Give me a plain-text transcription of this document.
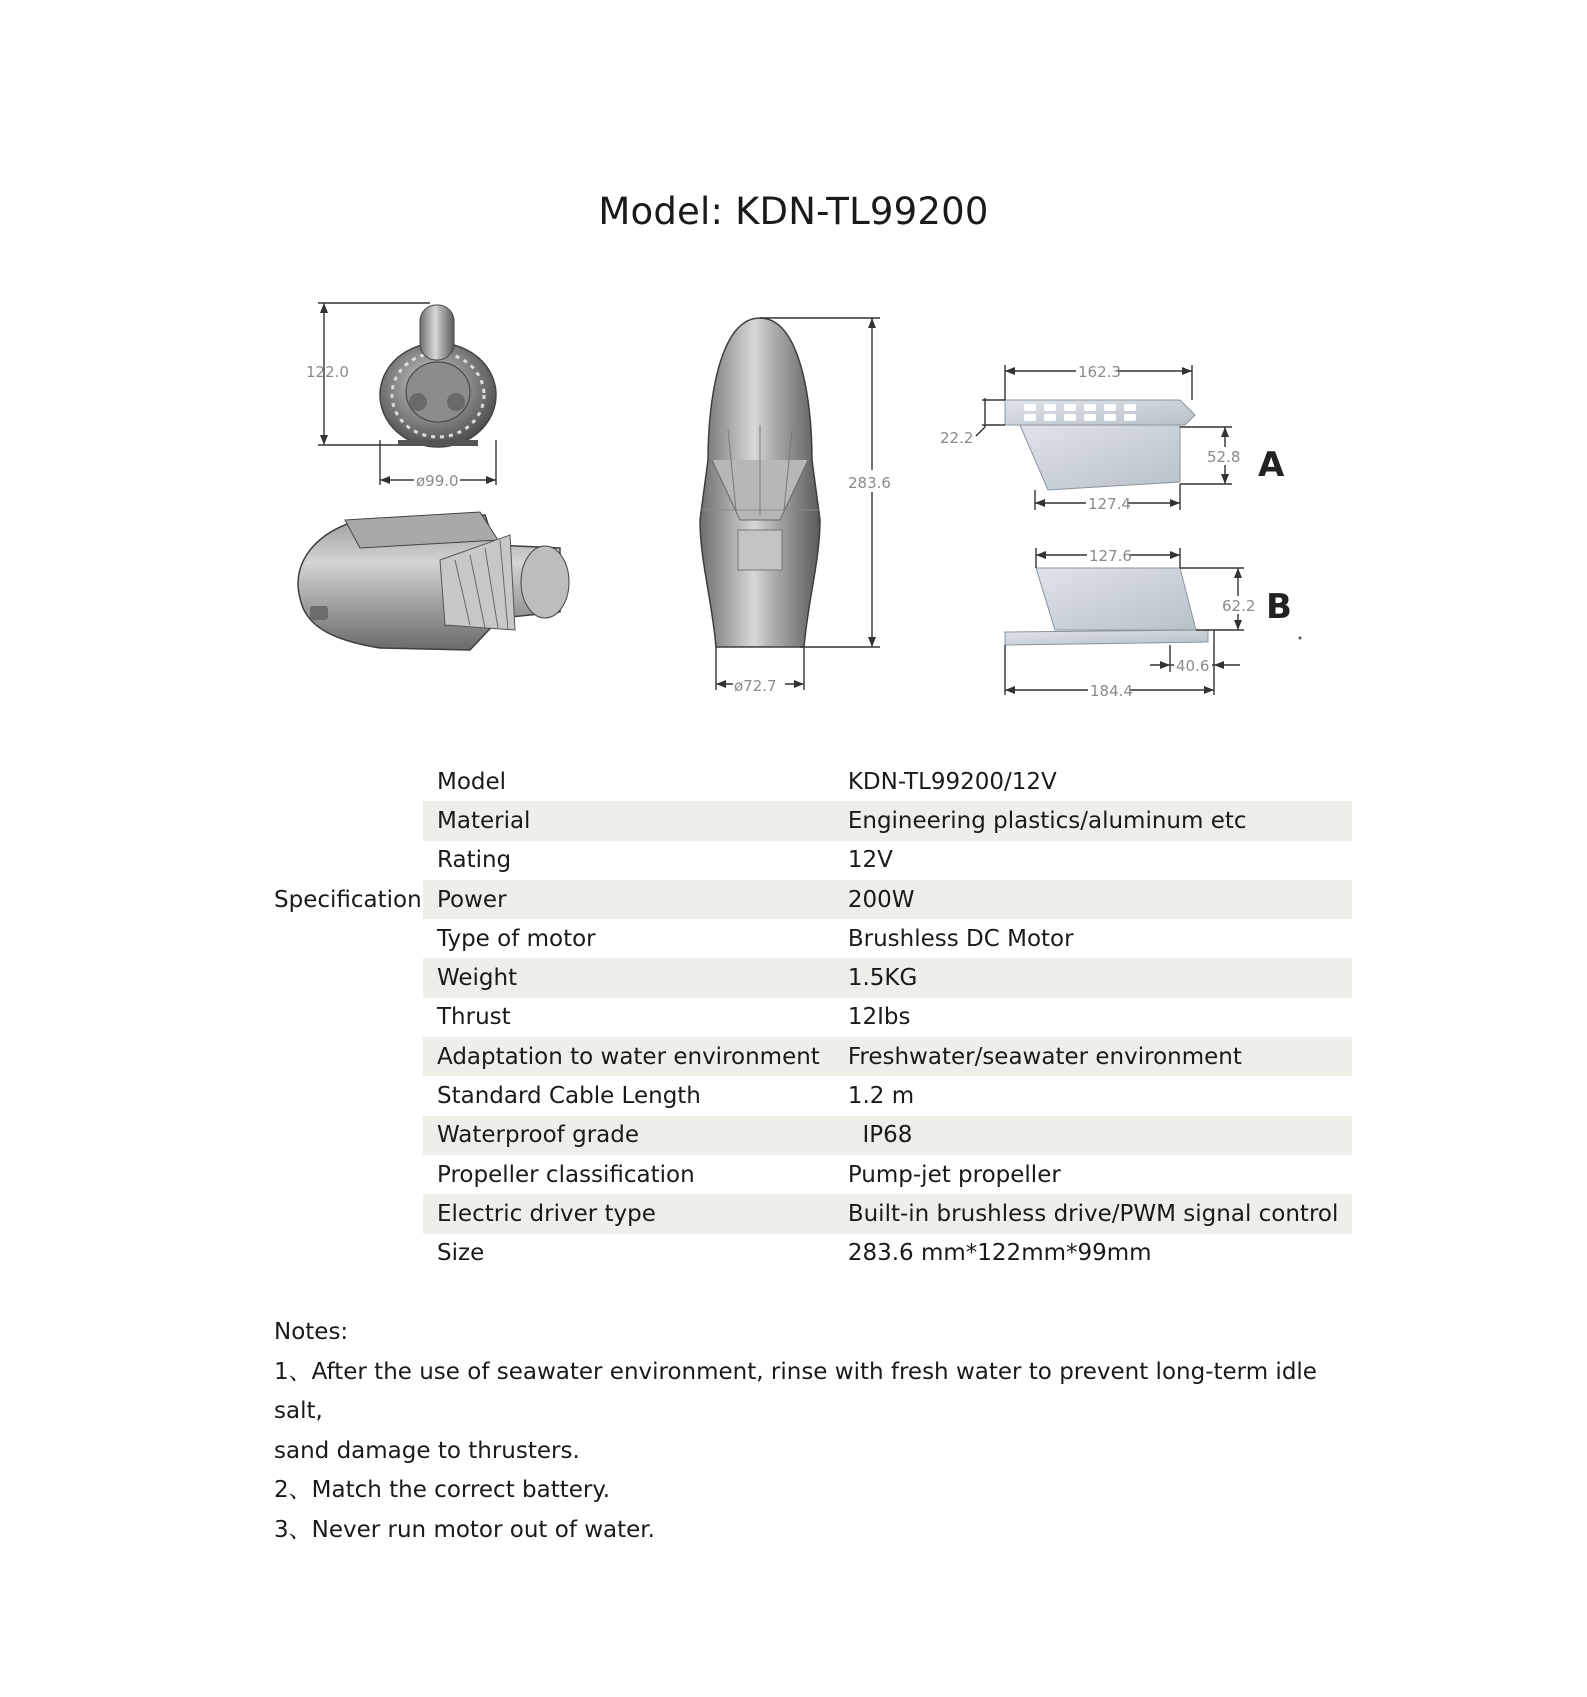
Model: KDN-TL99200
122.0
ø99.0	283.6
ø72.7
162.3
22.2
52.8 A
127.4
127.6
62.2 B
40.6
184.4
Specification
Model	KDN-TL99200/12V
Material	Engineering plastics/aluminum etc
Rating	12V
Power	200W
Type of motor	Brushless DC Motor
Weight	1.5KG
Thrust	12Ibs
Adaptation to water environment	Freshwater/seawater environment
Standard Cable Length	1.2 m
Waterproof grade	IP68
Propeller classification	Pump-jet propeller
Electric driver type	Built-in brushless drive/PWM signal control
Size	283.6 mm*122mm*99mm
Notes:
1、After the use of seawater environment, rinse with fresh water to prevent long-term idle salt,
sand damage to thrusters.
2、Match the correct battery.
3、Never run motor out of water.
